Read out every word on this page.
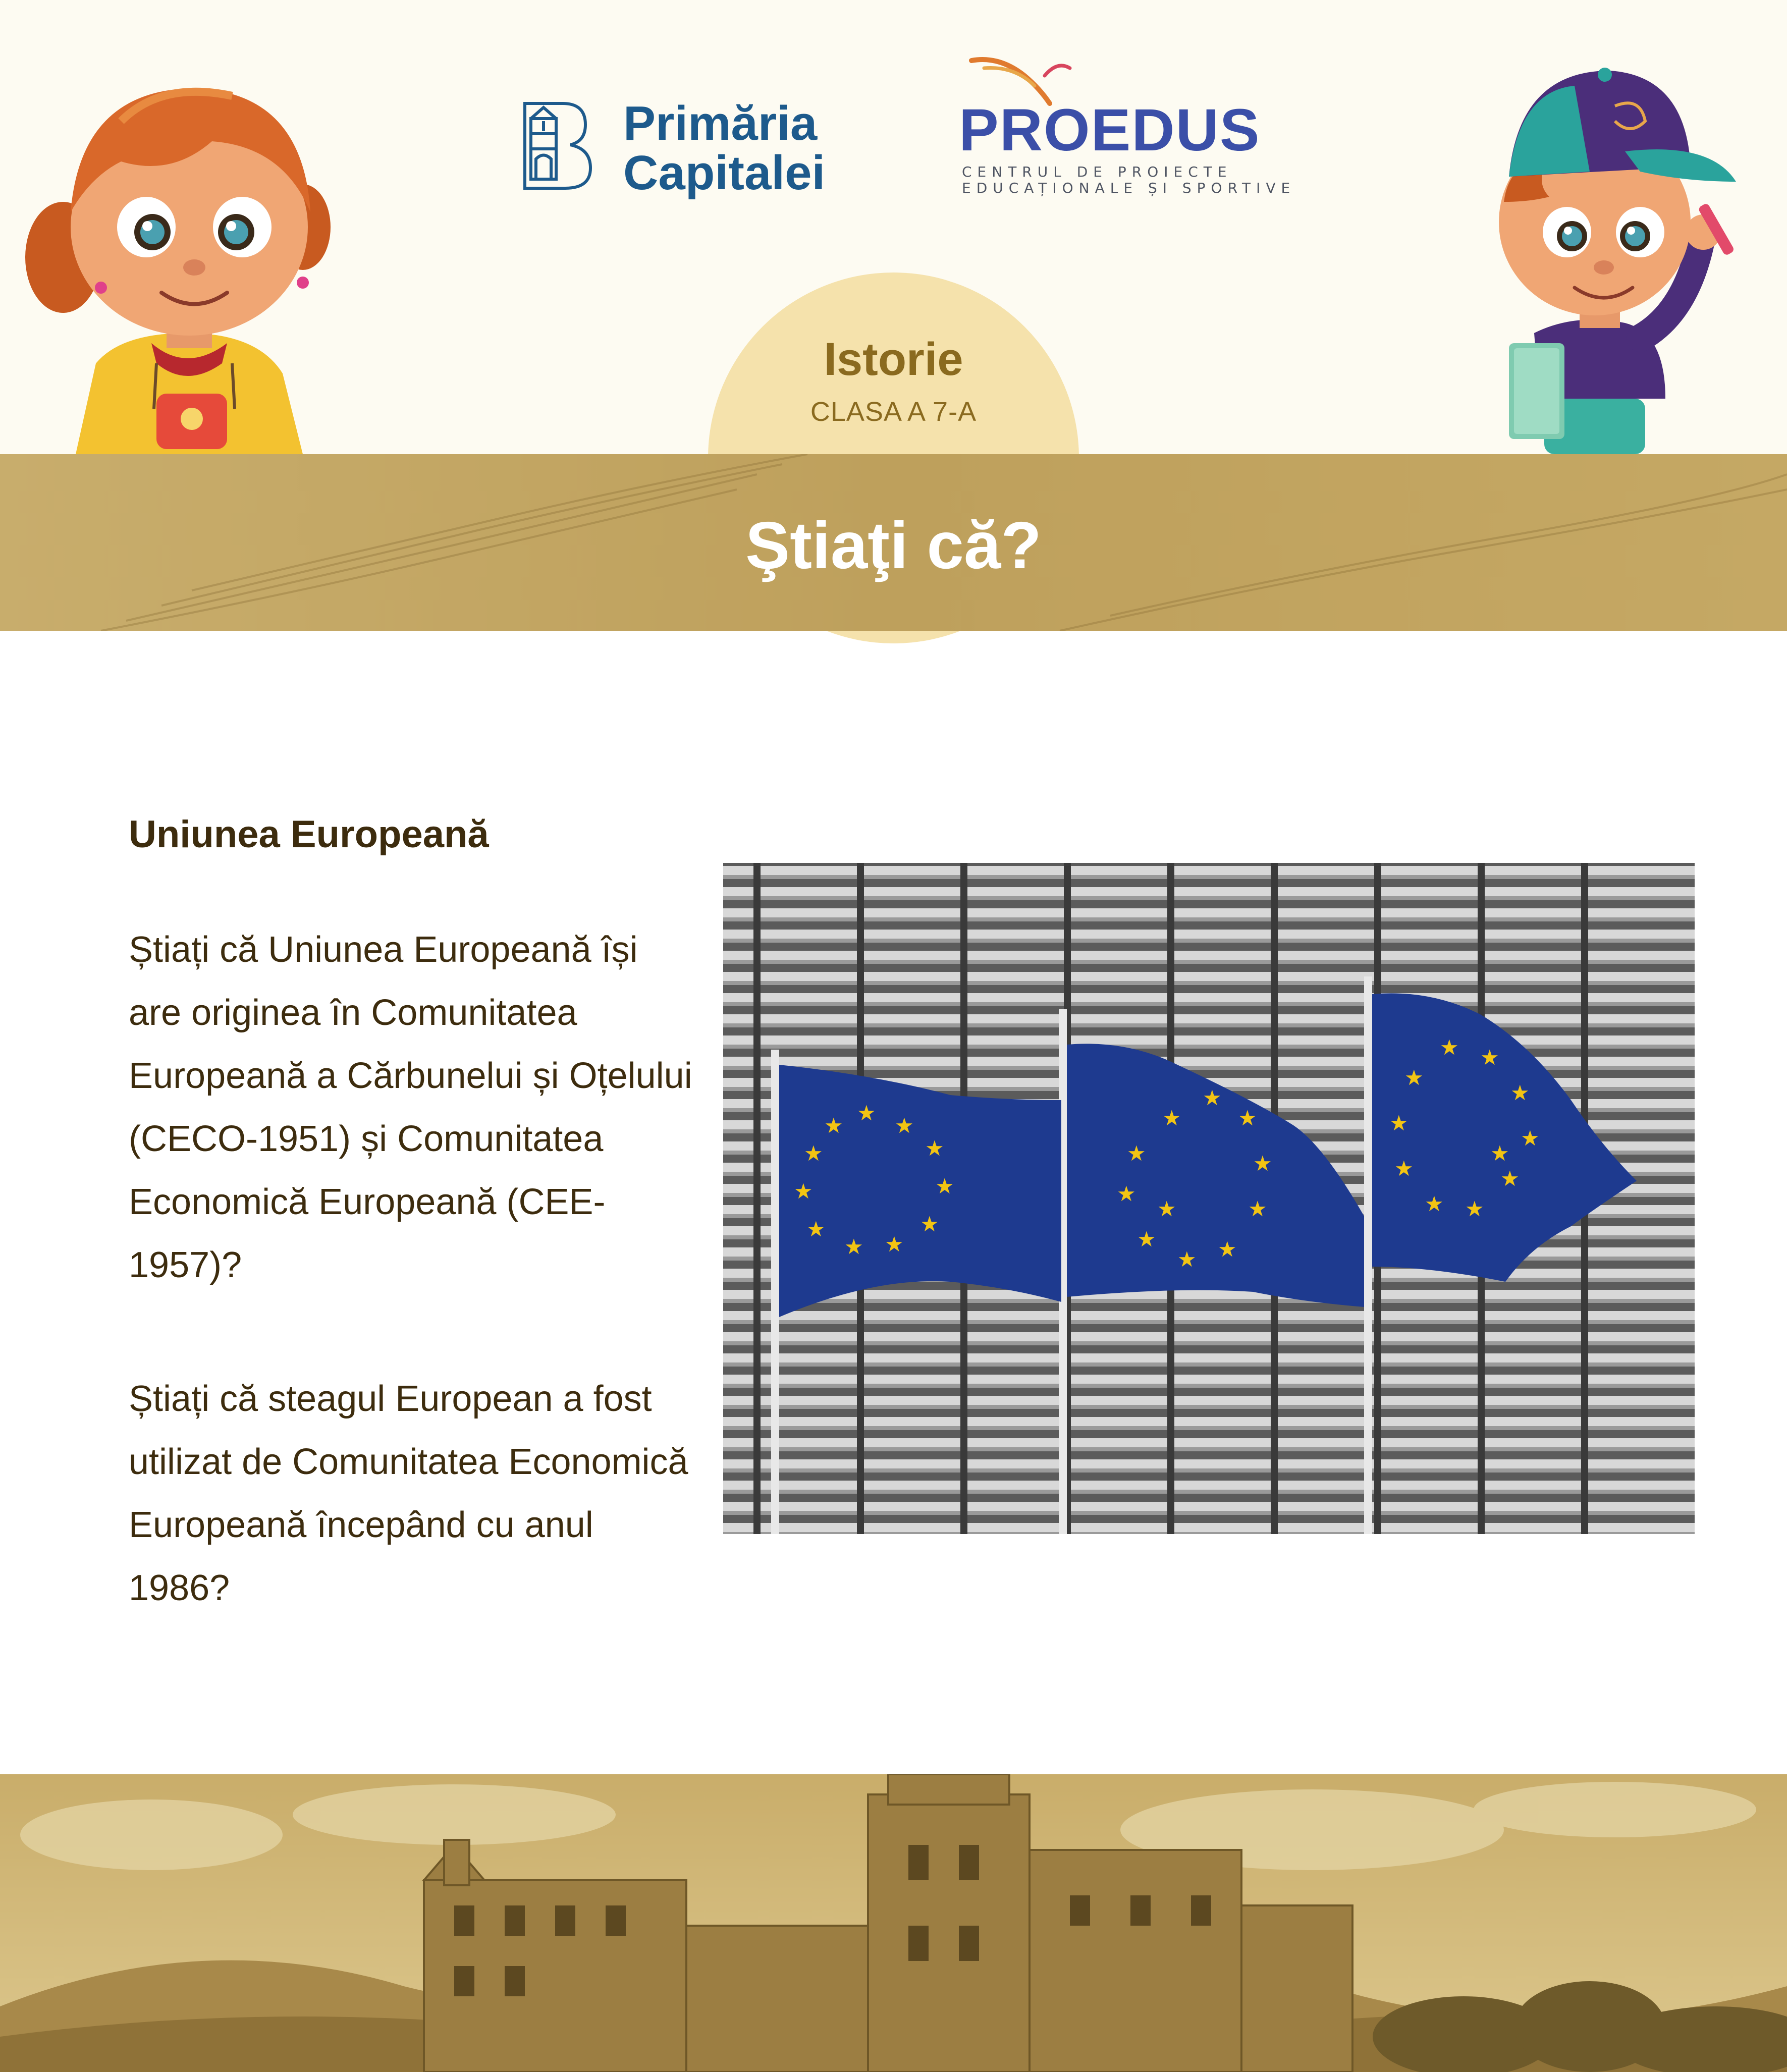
Istorie
CLASA A 7-A
Primăria
Capitalei
PROEDUS
CENTRUL DE PROIECTE
EDUCAȚIONALE ȘI SPORTIVE
Ştiaţi că?
Uniunea Europeană
Știați că Uniunea Europeană își are originea în Comunitatea Europeană a Cărbunelui și Oțelului (CECO-1951) și Comunitatea Economică Europeană (CEE-1957)?
Știați că steagul European a fost utilizat de Comunitatea Economică Europeană începând cu anul 1986?
★
★
★
★
★
★
★
★
★
★
★	★
★
★
★
★
★
★
★
★
★
★
★ ★
★
★
★
★
★
★
★
★
★
